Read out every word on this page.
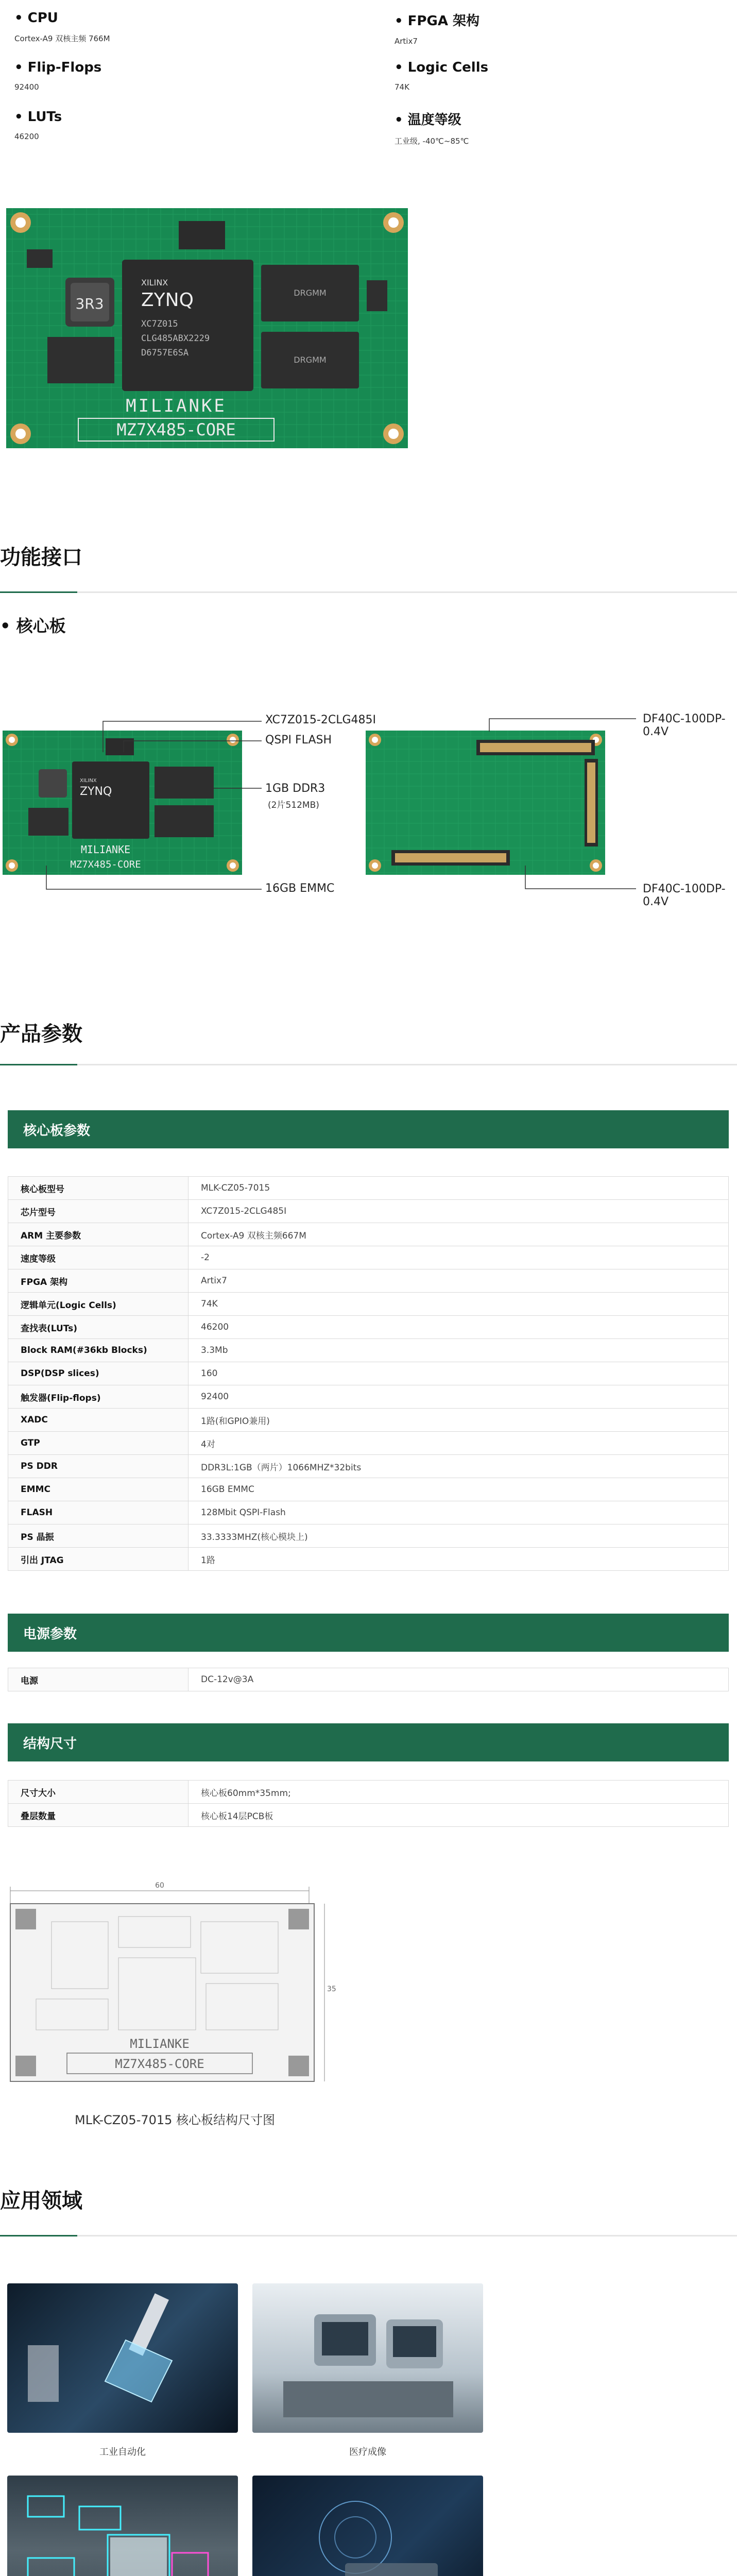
• CPU
Cortex-A9 双核主频 766M
• Flip-Flops
92400
• LUTs
46200
• FPGA 架构
Artix7
• Logic Cells
74K
• 温度等级
工业级, -40℃~85℃
3R3
XILINX
ZYNQ
XC7Z015
CLG485ABX2229
D6757E6SA
DRGMM
DRGMM
MILIANKE
MZ7X485-CORE
功能接口
• 核心板
XILINX
ZYNQ
MILIANKE
MZ7X485-CORE
XC7Z015-2CLG485I
QSPI FLASH
1GB DDR3
(2片512MB)
16GB EMMC
DF40C-100DP-0.4V
DF40C-100DP-0.4V
产品参数
核心板参数
核心板型号	MLK-CZ05-7015
芯片型号	XC7Z015-2CLG485I
ARM 主要参数	Cortex-A9 双核主频667M
速度等级	-2
FPGA 架构	Artix7
逻辑单元(Logic Cells)	74K
查找表(LUTs)	46200
Block RAM(#36kb Blocks)	3.3Mb
DSP(DSP slices)	160
触发器(Flip-flops)	92400
XADC	1路(和GPIO兼用)
GTP	4对
PS DDR	DDR3L:1GB（两片）1066MHZ*32bits
EMMC	16GB EMMC
FLASH	128Mbit QSPI-Flash
PS 晶振	33.3333MHZ(核心模块上)
引出 JTAG	1路
电源参数
电源	DC-12v@3A
结构尺寸
尺寸大小	核心板60mm*35mm;
叠层数量	核心板14层PCB板
60
35
MILIANKE
MZ7X485-CORE
MLK-CZ05-7015 核心板结构尺寸图
应用领域
工业自动化	医疗成像
